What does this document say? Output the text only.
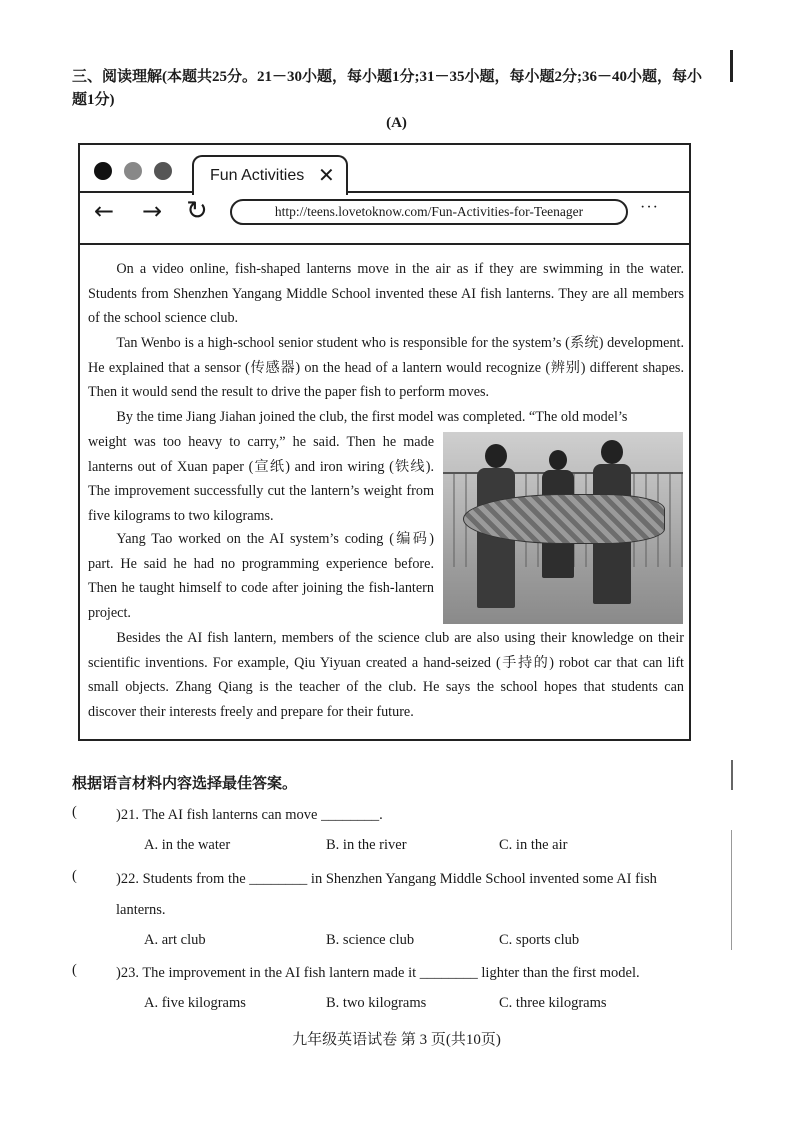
三、阅读理解(本题共25分。21－30小题，每小题1分;31－35小题，每小题2分;36－40小题，每小题1分)
(A)
Fun Activities ✕
← → ↻	http://teens.lovetoknow.com/Fun-Activities-for-Teenager	···

On a video online, fish-shaped lanterns move in the air as if they are swimming in the water. Students from Shenzhen Yangang Middle School invented these AI fish lanterns. They are all members of the school science club.

Tan Wenbo is a high-school senior student who is responsible for the system’s (系统) development. He explained that a sensor (传感器) on the head of a lantern would recognize (辨别) different shapes. Then it would send the result to drive the paper fish to perform moves.

By the time Jiang Jiahan joined the club, the first model was completed. “The old model’s

weight was too heavy to carry,” he said. Then he made lanterns out of Xuan paper (宣纸) and iron wiring (铁线). The improvement successfully cut the lantern’s weight from five kilograms to two kilograms.

Yang Tao worked on the AI system’s coding (编码) part. He said he had no programming experience before. Then he taught himself to code after joining the fish-lantern project.

Besides the AI fish lantern, members of the science club are also using their knowledge on their scientific inventions. For example, Qiu Yiyuan created a hand-seized (手持的) robot car that can lift small objects. Zhang Qiang is the teacher of the club. He says the school hopes that students can discover their interests freely and prepare for their future.

根据语言材料内容选择最佳答案。
(	)21. The AI fish lanterns can move ________.
A. in the water	B. in the river	C. in the air
(	)22. Students from the ________ in Shenzhen Yangang Middle School invented some AI fish lanterns.
A. art club	B. science club	C. sports club
(	)23. The improvement in the AI fish lantern made it ________ lighter than the first model.
A. five kilograms	B. two kilograms	C. three kilograms
九年级英语试卷 第 3 页(共10页)
